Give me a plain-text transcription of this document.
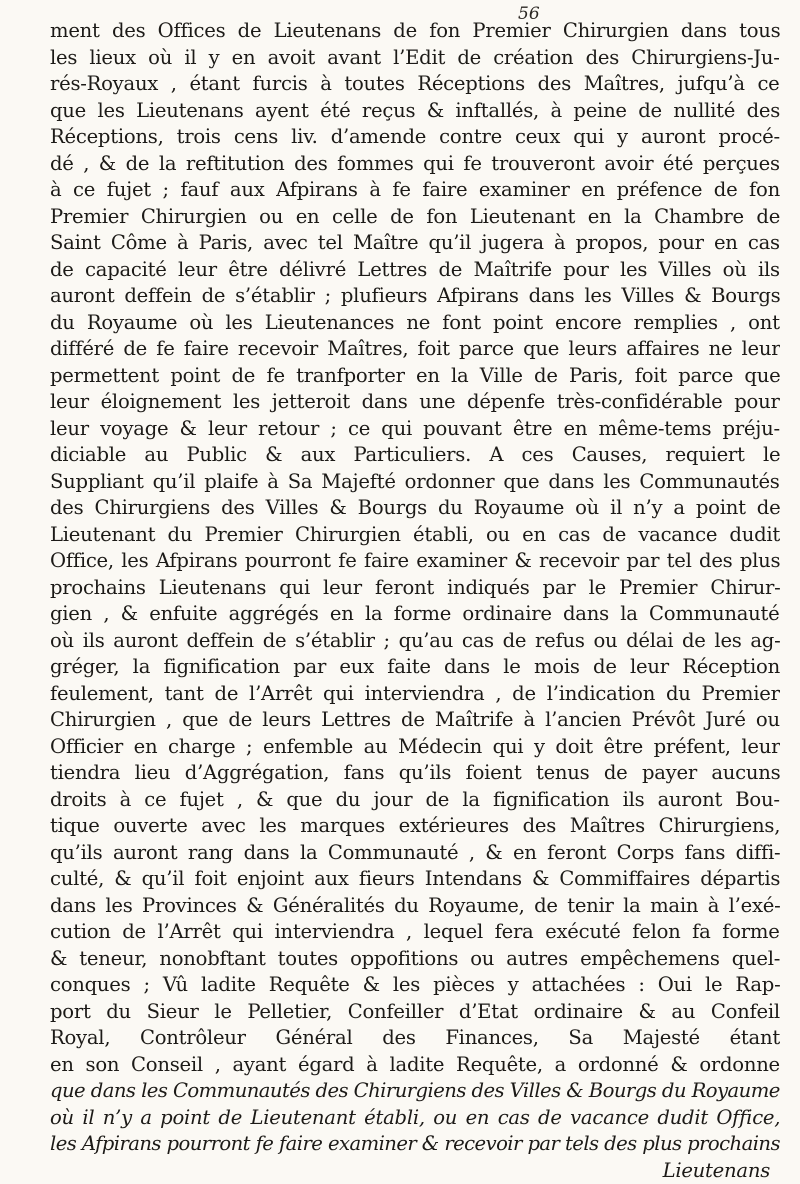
56
ment des Offices de Lieutenans de fon Premier Chirurgien dans tous
les lieux où il y en avoit avant l’Edit de création des Chirurgiens-Ju-
rés-Royaux , étant furcis à toutes Réceptions des Maîtres, jufqu’à ce
que les Lieutenans ayent été reçus & inftallés, à peine de nullité des
Réceptions, trois cens liv. d’amende contre ceux qui y auront procé-
dé , & de la reftitution des fommes qui fe trouveront avoir été perçues
à ce fujet ; fauf aux Afpirans à fe faire examiner en préfence de fon
Premier Chirurgien ou en celle de fon Lieutenant en la Chambre de
Saint Côme à Paris, avec tel Maître qu’il jugera à propos, pour en cas
de capacité leur être délivré Lettres de Maîtrife pour les Villes où ils
auront deffein de s’établir ; plufieurs Afpirans dans les Villes & Bourgs
du Royaume où les Lieutenances ne font point encore remplies , ont
différé de fe faire recevoir Maîtres, foit parce que leurs affaires ne leur
permettent point de fe tranfporter en la Ville de Paris, foit parce que
leur éloignement les jetteroit dans une dépenfe très-confidérable pour
leur voyage & leur retour ; ce qui pouvant être en même-tems préju-
diciable au Public & aux Particuliers. A ces Causes, requiert le
Suppliant qu’il plaife à Sa Majefté ordonner que dans les Communautés
des Chirurgiens des Villes & Bourgs du Royaume où il n’y a point de
Lieutenant du Premier Chirurgien établi, ou en cas de vacance dudit
Office, les Afpirans pourront fe faire examiner & recevoir par tel des plus
prochains Lieutenans qui leur feront indiqués par le Premier Chirur-
gien , & enfuite aggrégés en la forme ordinaire dans la Communauté
où ils auront deffein de s’établir ; qu’au cas de refus ou délai de les ag-
gréger, la fignification par eux faite dans le mois de leur Réception
feulement, tant de l’Arrêt qui interviendra , de l’indication du Premier
Chirurgien , que de leurs Lettres de Maîtrife à l’ancien Prévôt Juré ou
Officier en charge ; enfemble au Médecin qui y doit être préfent, leur
tiendra lieu d’Aggrégation, fans qu’ils foient tenus de payer aucuns
droits à ce fujet , & que du jour de la fignification ils auront Bou-
tique ouverte avec les marques extérieures des Maîtres Chirurgiens,
qu’ils auront rang dans la Communauté , & en feront Corps fans diffi-
culté, & qu’il foit enjoint aux fieurs Intendans & Commiffaires départis
dans les Provinces & Généralités du Royaume, de tenir la main à l’exé-
cution de l’Arrêt qui interviendra , lequel fera exécuté felon fa forme
& teneur, nonobftant toutes oppofitions ou autres empêchemens quel-
conques ; Vû ladite Requête & les pièces y attachées : Oui le Rap-
port du Sieur le Pelletier, Confeiller d’Etat ordinaire & au Confeil
Royal, Contrôleur Général des Finances, Sa Majesté étant
en son Conseil , ayant égard à ladite Requête, a ordonné & ordonne
que dans les Communautés des Chirurgiens des Villes & Bourgs du Royaume
où il n’y a point de Lieutenant établi, ou en cas de vacance dudit Office,
les Afpirans pourront fe faire examiner & recevoir par tels des plus prochains
Lieutenans
